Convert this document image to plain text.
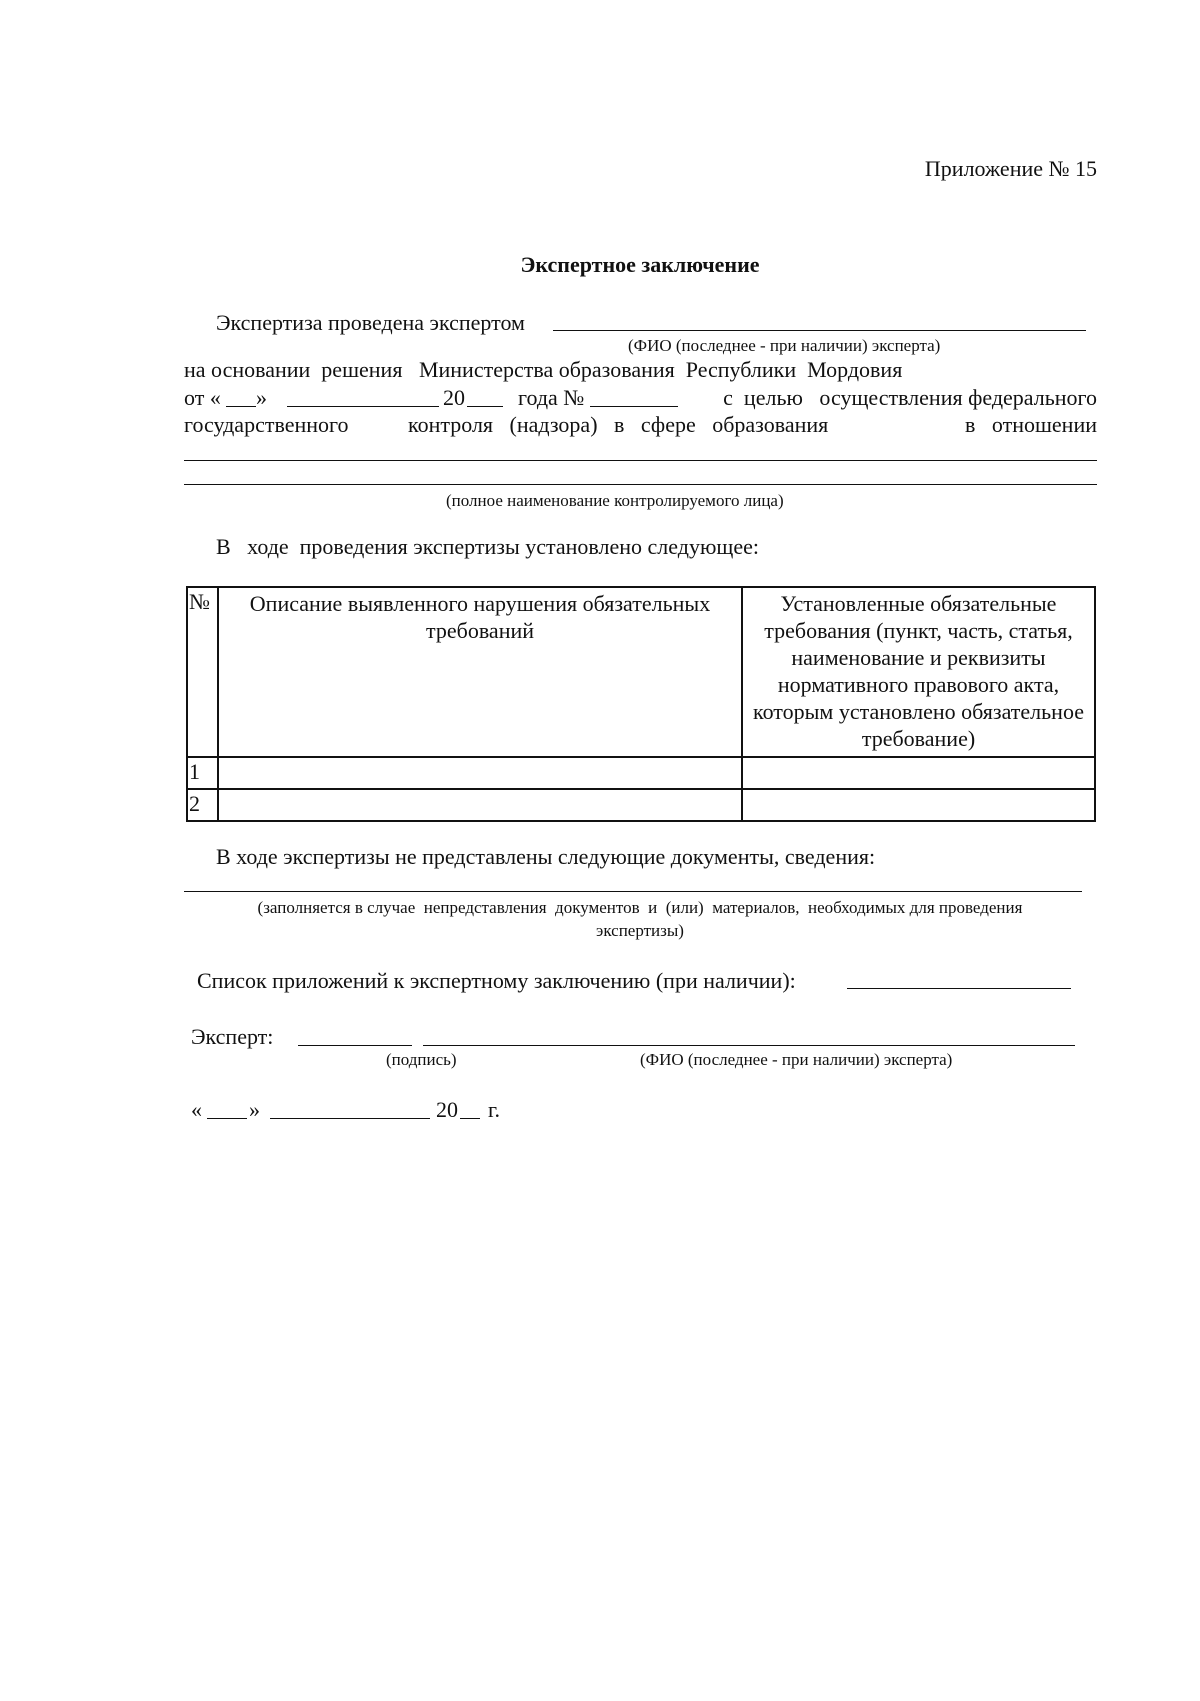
Приложение № 15
Экспертное заключение
Экспертиза проведена экспертом
(ФИО (последнее - при наличии) эксперта)
на основании  решения   Министерства образования  Республики  Мордовия
от « »	20 года №	с  целью   осуществления федерального
государственного	контроля   (надзора)   в   сфере   образования	в   отношении
(полное наименование контролируемого лица)
В   ходе  проведения экспертизы установлено следующее:
№	Описание выявленного нарушения обязательных требований	Установленные обязательные требования (пункт, часть, статья, наименование и реквизиты нормативного правового акта, которым установлено обязательное требование)
1		
2		
В ходе экспертизы не представлены следующие документы, сведения:
(заполняется в случае  непредставления  документов  и  (или)  материалов,  необходимых для проведения
экспертизы)
Список приложений к экспертному заключению (при наличии):
Эксперт:
(подпись)	(ФИО (последнее - при наличии) эксперта)
« »	20 г.
